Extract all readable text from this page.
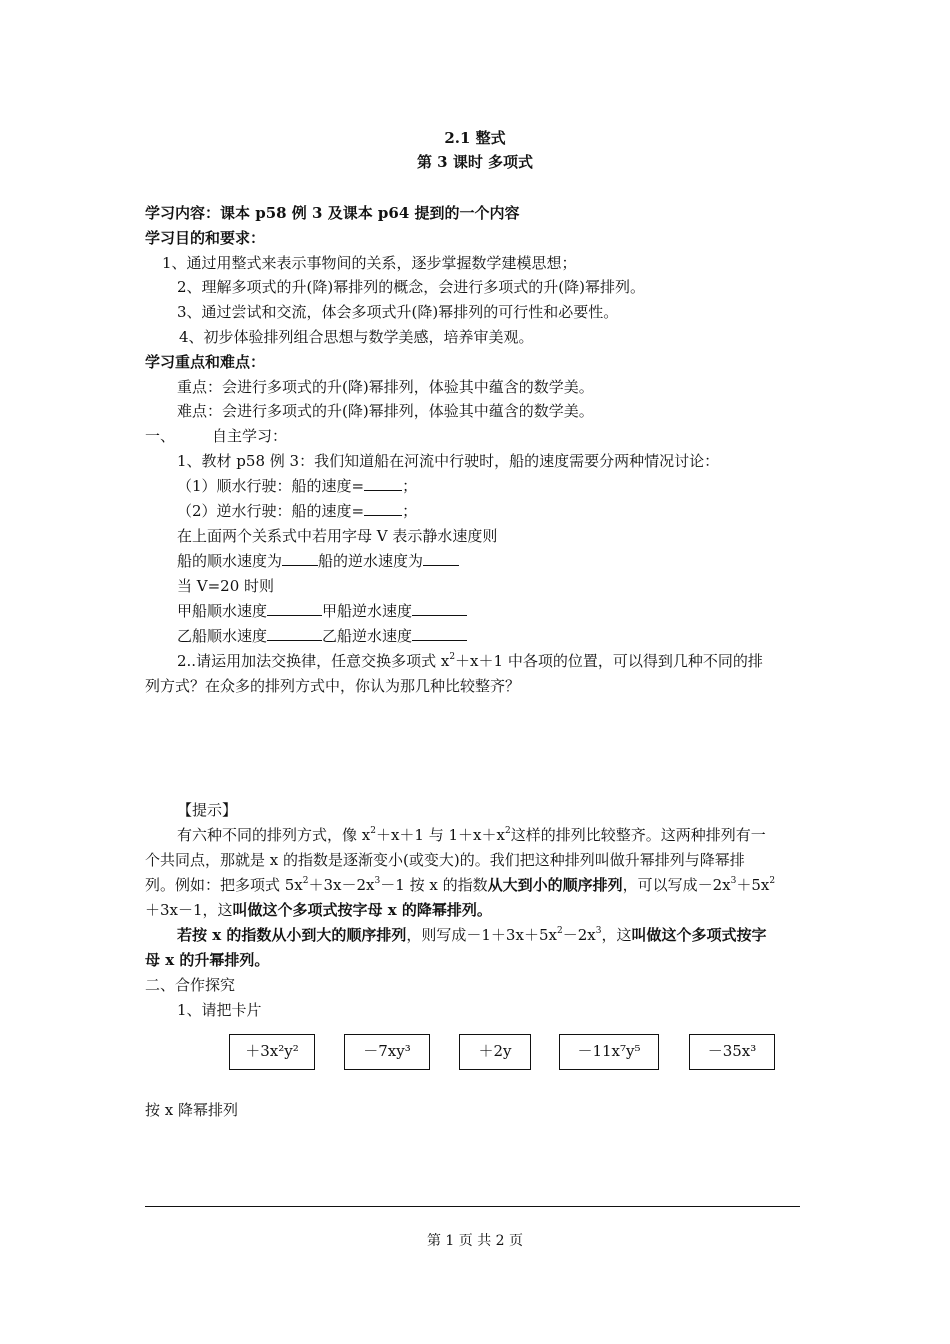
2.1 整式
第 3 课时 多项式
学习内容：课本 p58 例 3 及课本 p64 提到的一个内容
学习目的和要求：
1、通过用整式来表示事物间的关系，逐步掌握数学建模思想；
2、理解多项式的升(降)幂排列的概念，会进行多项式的升(降)幂排列。
3、通过尝试和交流，体会多项式升(降)幂排列的可行性和必要性。
4、初步体验排列组合思想与数学美感，培养审美观。
学习重点和难点：
重点：会进行多项式的升(降)幂排列，体验其中蕴含的数学美。
难点：会进行多项式的升(降)幂排列，体验其中蕴含的数学美。
一、 自主学习：
1、教材 p58 例 3：我们知道船在河流中行驶时，船的速度需要分两种情况讨论：
（1）顺水行驶：船的速度=	；
（2）逆水行驶：船的速度=	；
在上面两个关系式中若用字母 V 表示静水速度则
船的顺水速度为 船的逆水速度为
当 V=20 时则
甲船顺水速度	甲船逆水速度
乙船顺水速度	乙船逆水速度
2..请运用加法交换律，任意交换多项式 $x^2+x+1$ 中各项的位置，可以得到几种不同的排
列方式？在众多的排列方式中，你认为那几种比较整齐？
【提示】
有六种不同的排列方式，像 $x^2+x+1$ 与 $1+x+x^2$这样的排列比较整齐。这两种排列有一
个共同点，那就是 x 的指数是逐渐变小(或变大)的。我们把这种排列叫做升幂排列与降幂排
列。例如：把多项式 $5x^2+3x-2x^3-1$ 按 x 的指数从大到小的顺序排列，可以写成$-2x^3+5x^2$
＋3x－1，这叫做这个多项式按字母 x 的降幂排列。
若按 x 的指数从小到大的顺序排列，则写成$-1+3x+5x^2-2x^3$，这叫做这个多项式按字
母 x 的升幂排列。
二、合作探究
1、请把卡片
＋3x²y²	－7xy³	＋2y	－11x⁷y⁵	－35x³
按 x 降幂排列
第 1 页 共 2 页
